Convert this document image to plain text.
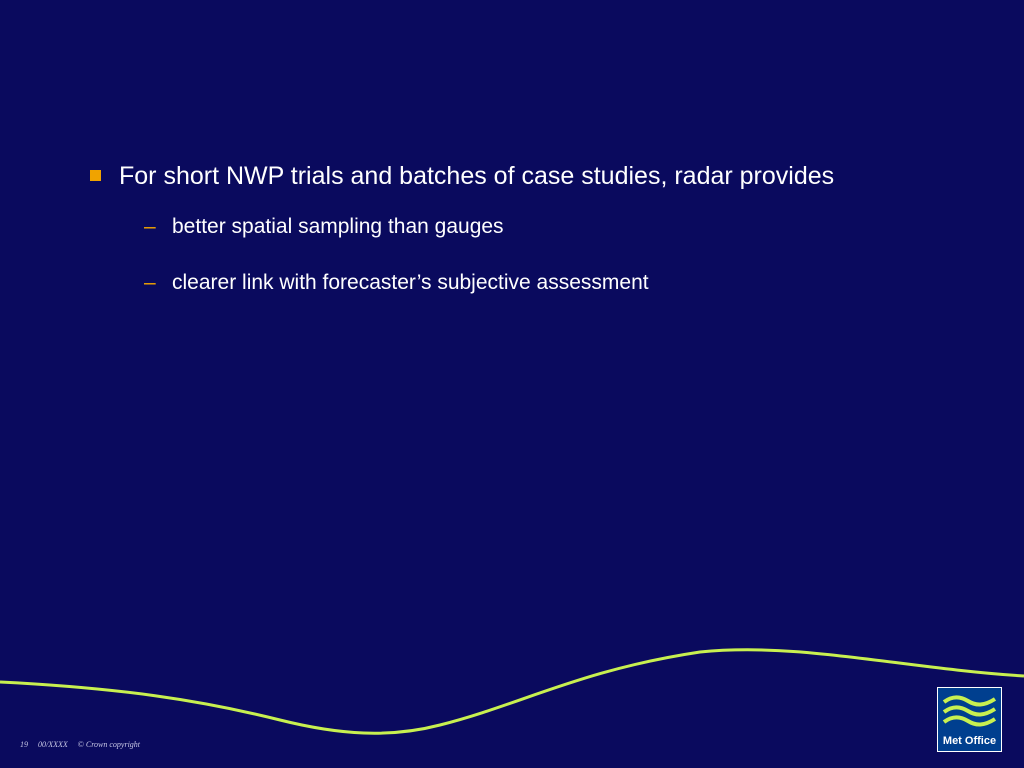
For short NWP trials and batches of case studies, radar provides
– better spatial sampling than gauges
– clearer link with forecaster’s subjective assessment
19 00/XXXX © Crown copyright	Met Office
